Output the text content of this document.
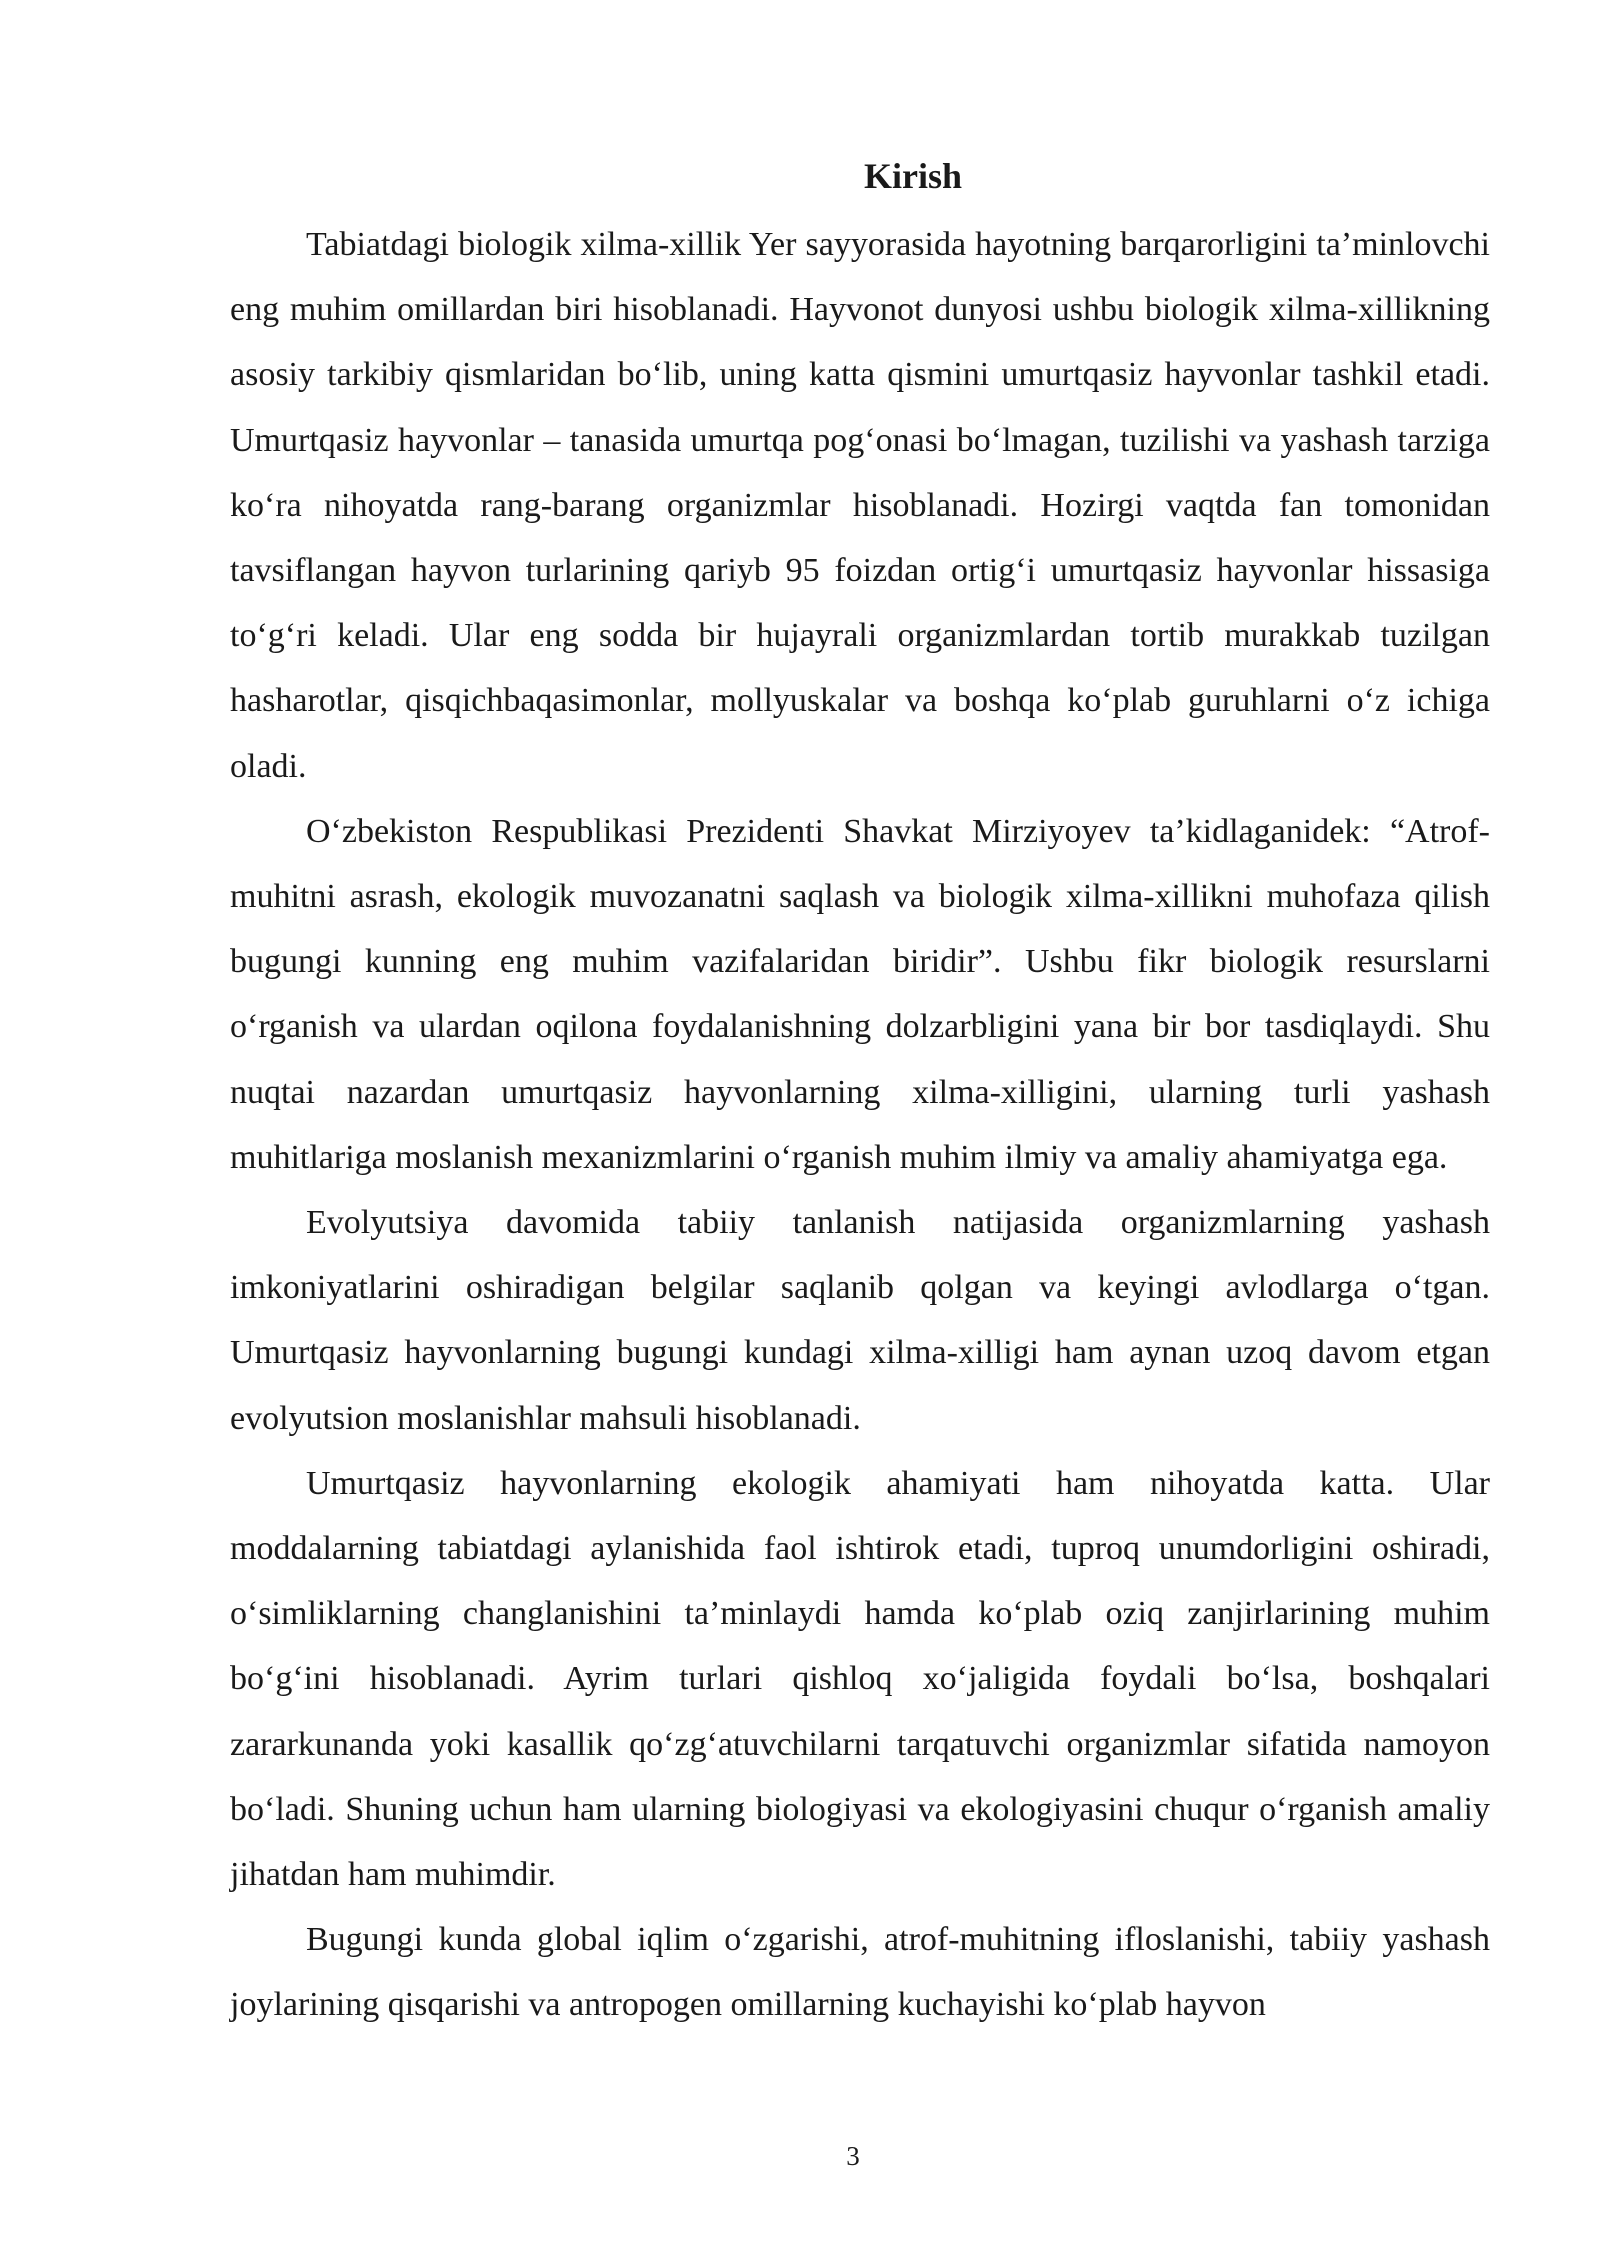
Kirish

Tabiatdagi biologik xilma-xillik Yer sayyorasida hayotning barqarorligini ta’minlovchi eng muhim omillardan biri hisoblanadi. Hayvonot dunyosi ushbu biologik xilma-xillikning asosiy tarkibiy qismlaridan bo‘lib, uning katta qismini umurtqasiz hayvonlar tashkil etadi. Umurtqasiz hayvonlar – tanasida umurtqa pog‘onasi bo‘lmagan, tuzilishi va yashash tarziga ko‘ra nihoyatda rang-barang organizmlar hisoblanadi. Hozirgi vaqtda fan tomonidan tavsiflangan hayvon turlarining qariyb 95 foizdan ortig‘i umurtqasiz hayvonlar hissasiga to‘g‘ri keladi. Ular eng sodda bir hujayrali organizmlardan tortib murakkab tuzilgan hasharotlar, qisqichbaqasimonlar, mollyuskalar va boshqa ko‘plab guruhlarni o‘z ichiga oladi.

O‘zbekiston Respublikasi Prezidenti Shavkat Mirziyoyev ta’kidlaganidek: “Atrof-muhitni asrash, ekologik muvozanatni saqlash va biologik xilma-xillikni muhofaza qilish bugungi kunning eng muhim vazifalaridan biridir”. Ushbu fikr biologik resurslarni o‘rganish va ulardan oqilona foydalanishning dolzarbligini yana bir bor tasdiqlaydi. Shu nuqtai nazardan umurtqasiz hayvonlarning xilma-xilligini, ularning turli yashash muhitlariga moslanish mexanizmlarini o‘rganish muhim ilmiy va amaliy ahamiyatga ega.

Evolyutsiya davomida tabiiy tanlanish natijasida organizmlarning yashash imkoniyatlarini oshiradigan belgilar saqlanib qolgan va keyingi avlodlarga o‘tgan. Umurtqasiz hayvonlarning bugungi kundagi xilma-xilligi ham aynan uzoq davom etgan evolyutsion moslanishlar mahsuli hisoblanadi.

Umurtqasiz hayvonlarning ekologik ahamiyati ham nihoyatda katta. Ular moddalarning tabiatdagi aylanishida faol ishtirok etadi, tuproq unumdorligini oshiradi, o‘simliklarning changlanishini ta’minlaydi hamda ko‘plab oziq zanjirlarining muhim bo‘g‘ini hisoblanadi. Ayrim turlari qishloq xo‘jaligida foydali bo‘lsa, boshqalari zararkunanda yoki kasallik qo‘zg‘atuvchilarni tarqatuvchi organizmlar sifatida namoyon bo‘ladi. Shuning uchun ham ularning biologiyasi va ekologiyasini chuqur o‘rganish amaliy jihatdan ham muhimdir.

Bugungi kunda global iqlim o‘zgarishi, atrof-muhitning ifloslanishi, tabiiy yashash joylarining qisqarishi va antropogen omillarning kuchayishi ko‘plab hayvon

3
